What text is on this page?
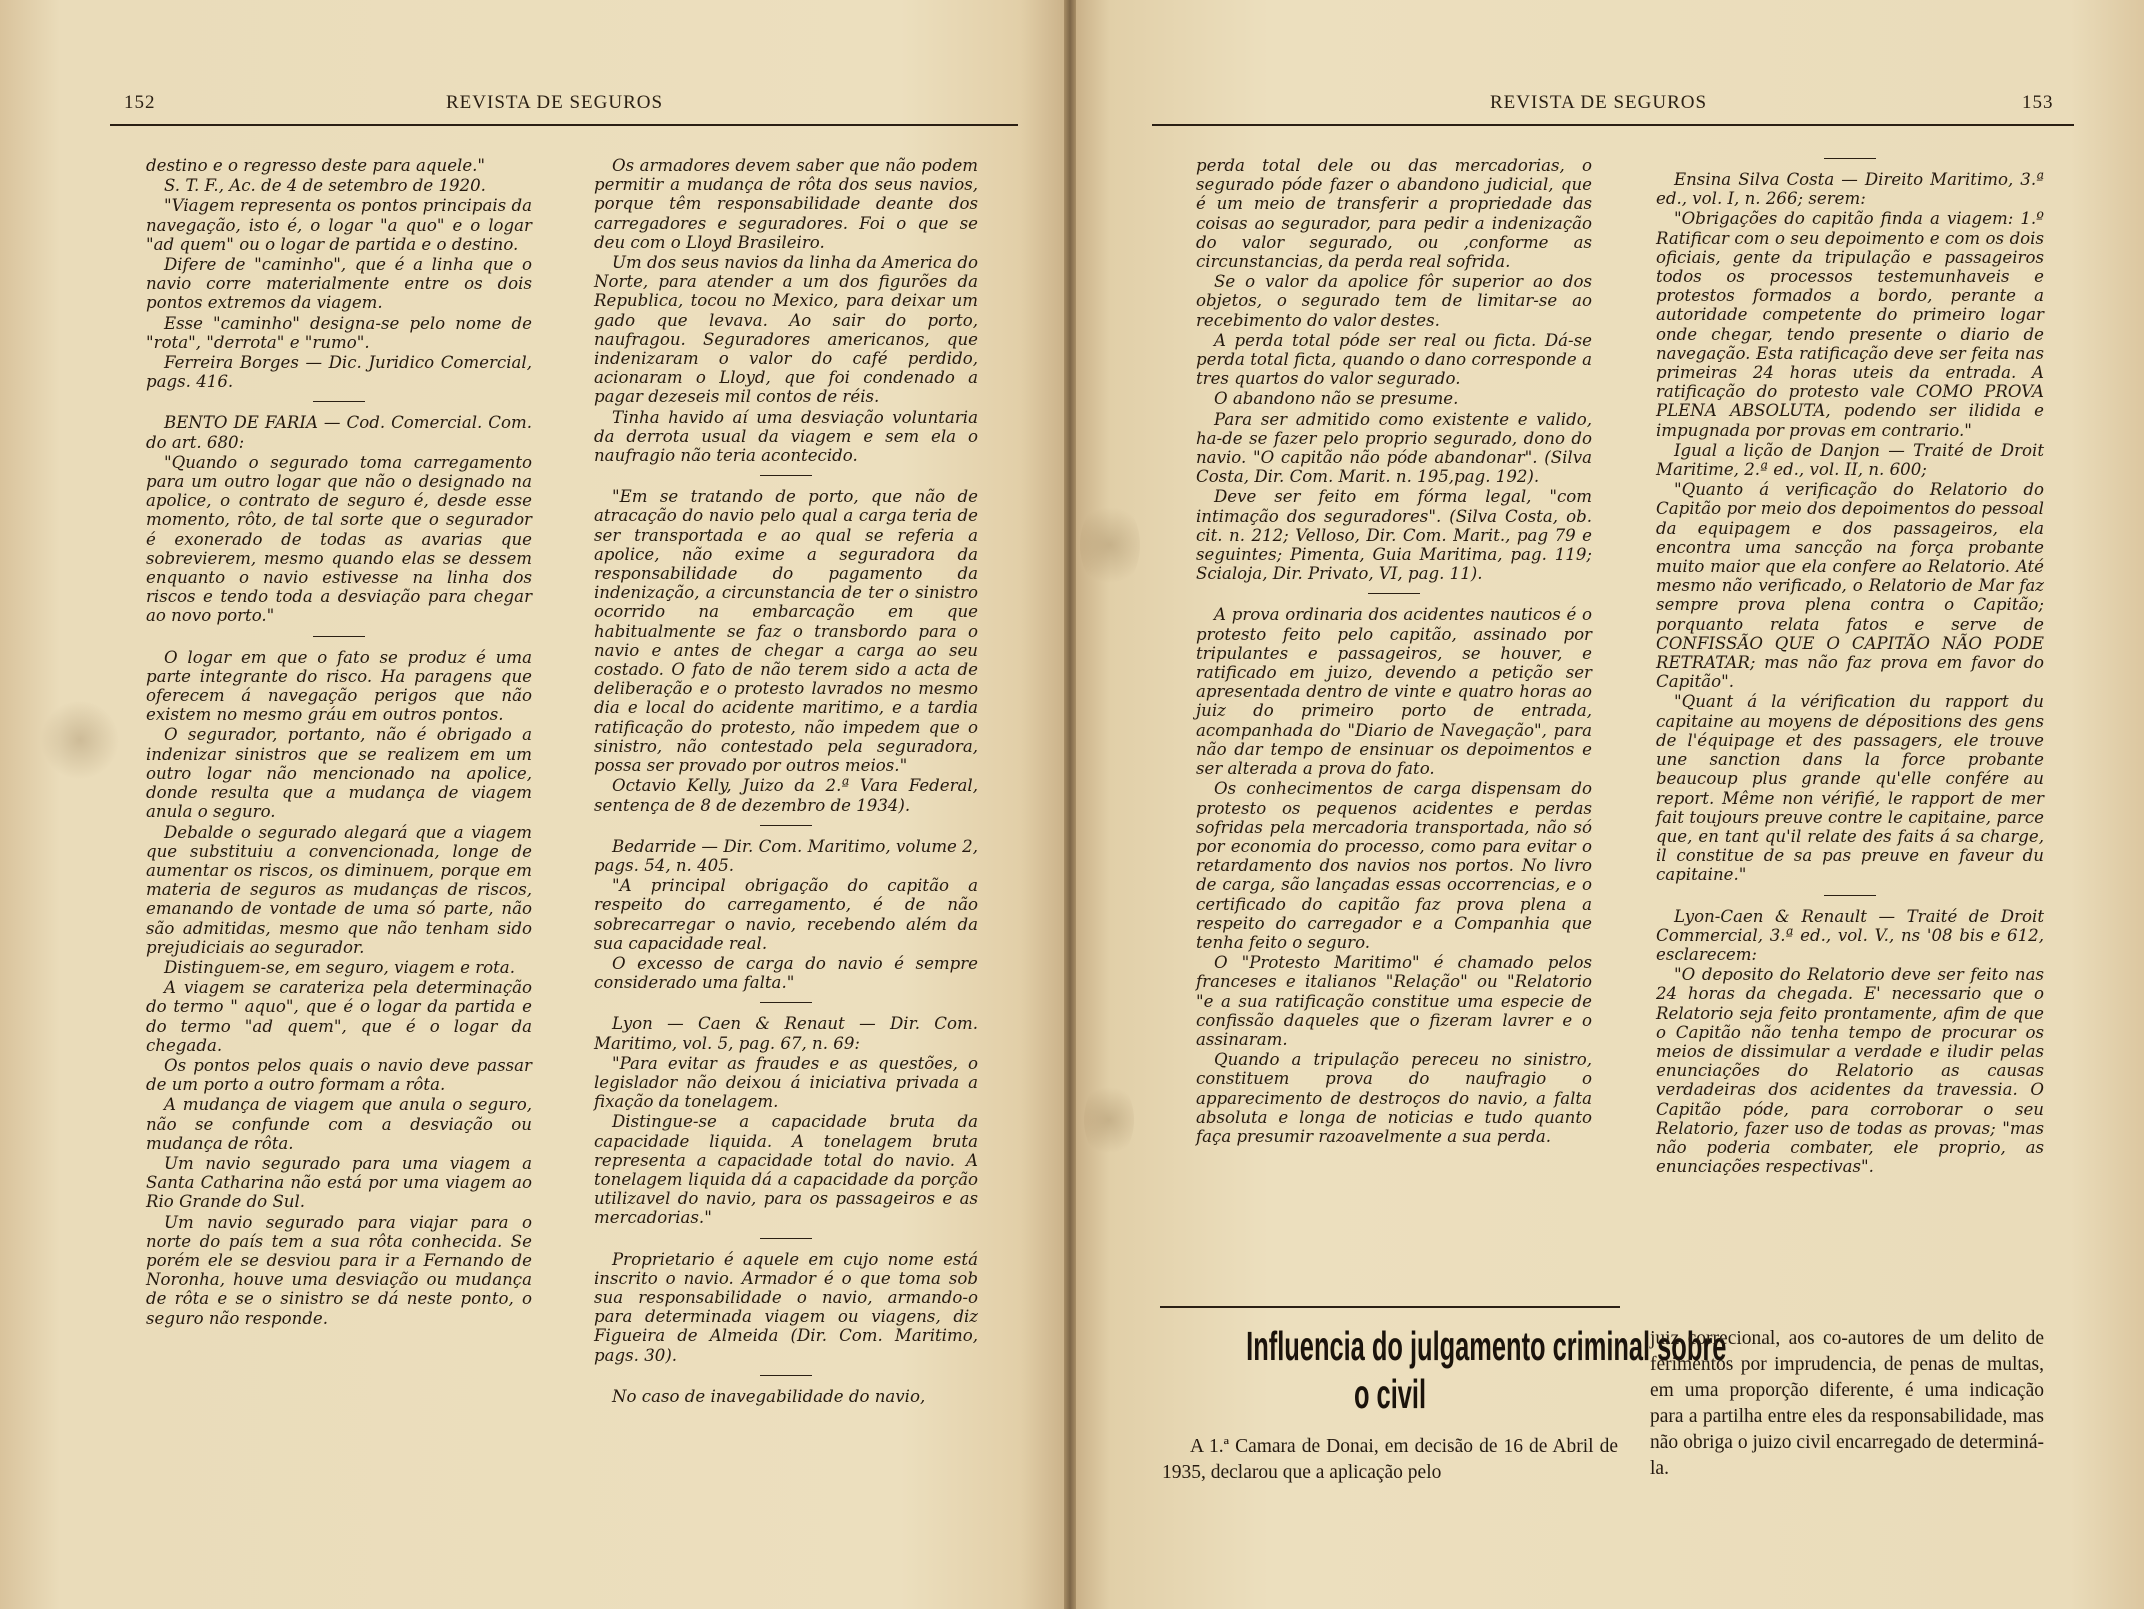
152	REVISTA DE SEGUROS	REVISTA DE SEGUROS	153

destino e o regresso deste para aquele."

S. T. F., Ac. de 4 de setembro de 1920.

"Viagem representa os pontos principais da navegação, isto é, o logar "a quo" e o logar "ad quem" ou o logar de partida e o destino.

Difere de "caminho", que é a linha que o navio corre materialmente entre os dois pontos extremos da viagem.

Esse "caminho" designa-se pelo nome de "rota", "derrota" e "rumo".

Ferreira Borges — Dic. Juridico Comercial, pags. 416.

BENTO DE FARIA — Cod. Comercial. Com. do art. 680:

"Quando o segurado toma carregamento para um outro logar que não o designado na apolice, o contrato de seguro é, desde esse momento, rôto, de tal sorte que o segurador é exonerado de todas as avarias que sobrevierem, mesmo quando elas se dessem enquanto o navio estivesse na linha dos riscos e tendo toda a desviação para chegar ao novo porto."

O logar em que o fato se produz é uma parte integrante do risco. Ha paragens que oferecem á navegação perigos que não existem no mesmo gráu em outros pontos.

O segurador, portanto, não é obrigado a indenizar sinistros que se realizem em um outro logar não mencionado na apolice, donde resulta que a mudança de viagem anula o seguro.

Debalde o segurado alegará que a viagem que substituiu a convencionada, longe de aumentar os riscos, os diminuem, porque em materia de seguros as mudanças de riscos, emanando de vontade de uma só parte, não são admitidas, mesmo que não tenham sido prejudiciais ao segurador.

Distinguem-se, em seguro, viagem e rota.

A viagem se carateriza pela determinação do termo " aquo", que é o logar da partida e do termo "ad quem", que é o logar da chegada.

Os pontos pelos quais o navio deve passar de um porto a outro formam a rôta.

A mudança de viagem que anula o seguro, não se confunde com a desviação ou mudança de rôta.

Um navio segurado para uma viagem a Santa Catharina não está por uma viagem ao Rio Grande do Sul.

Um navio segurado para viajar para o norte do país tem a sua rôta conhecida. Se porém ele se desviou para ir a Fernando de Noronha, houve uma desviação ou mudança de rôta e se o sinistro se dá neste ponto, o seguro não responde.

Os armadores devem saber que não podem permitir a mudança de rôta dos seus navios, porque têm responsabilidade deante dos carregadores e seguradores. Foi o que se deu com o Lloyd Brasileiro.

Um dos seus navios da linha da America do Norte, para atender a um dos figurões da Republica, tocou no Mexico, para deixar um gado que levava. Ao sair do porto, naufragou. Seguradores americanos, que indenizaram o valor do café perdido, acionaram o Lloyd, que foi condenado a pagar dezeseis mil contos de réis.

Tinha havido aí uma desviação voluntaria da derrota usual da viagem e sem ela o naufragio não teria acontecido.

"Em se tratando de porto, que não de atracação do navio pelo qual a carga teria de ser transportada e ao qual se referia a apolice, não exime a seguradora da responsabilidade do pagamento da indenização, a circunstancia de ter o sinistro ocorrido na embarcação em que habitualmente se faz o transbordo para o navio e antes de chegar a carga ao seu costado. O fato de não terem sido a acta de deliberação e o protesto lavrados no mesmo dia e local do acidente maritimo, e a tardia ratificação do protesto, não impedem que o sinistro, não contestado pela seguradora, possa ser provado por outros meios."

Octavio Kelly, Juizo da 2.ª Vara Federal, sentença de 8 de dezembro de 1934).

Bedarride — Dir. Com. Maritimo, volume 2, pags. 54, n. 405.

"A principal obrigação do capitão a respeito do carregamento, é de não sobrecarregar o navio, recebendo além da sua capacidade real.

O excesso de carga do navio é sempre considerado uma falta."

Lyon — Caen & Renaut — Dir. Com. Maritimo, vol. 5, pag. 67, n. 69:

"Para evitar as fraudes e as questões, o legislador não deixou á iniciativa privada a fixação da tonelagem.

Distingue-se a capacidade bruta da capacidade liquida. A tonelagem bruta representa a capacidade total do navio. A tonelagem liquida dá a capacidade da porção utilizavel do navio, para os passageiros e as mercadorias."

Proprietario é aquele em cujo nome está inscrito o navio. Armador é o que toma sob sua responsabilidade o navio, armando-o para determinada viagem ou viagens, diz Figueira de Almeida (Dir. Com. Maritimo, pags. 30).

No caso de inavegabilidade do navio,

perda total dele ou das mercadorias, o segurado póde fazer o abandono judicial, que é um meio de transferir a propriedade das coisas ao segurador, para pedir a indenização do valor segurado, ou ,conforme as circunstancias, da perda real sofrida.

Se o valor da apolice fôr superior ao dos objetos, o segurado tem de limitar-se ao recebimento do valor destes.

A perda total póde ser real ou ficta. Dá-se perda total ficta, quando o dano corresponde a tres quartos do valor segurado.

O abandono não se presume.

Para ser admitido como existente e valido, ha-de se fazer pelo proprio segurado, dono do navio. "O capitão não póde abandonar". (Silva Costa, Dir. Com. Marit. n. 195,pag. 192).

Deve ser feito em fórma legal, "com intimação dos seguradores". (Silva Costa, ob. cit. n. 212; Velloso, Dir. Com. Marit., pag 79 e seguintes; Pimenta, Guia Maritima, pag. 119; Scialoja, Dir. Privato, VI, pag. 11).

A prova ordinaria dos acidentes nauticos é o protesto feito pelo capitão, assinado por tripulantes e passageiros, se houver, e ratificado em juizo, devendo a petição ser apresentada dentro de vinte e quatro horas ao juiz do primeiro porto de entrada, acompanhada do "Diario de Navegação", para não dar tempo de ensinuar os depoimentos e ser alterada a prova do fato.

Os conhecimentos de carga dispensam do protesto os pequenos acidentes e perdas sofridas pela mercadoria transportada, não só por economia do processo, como para evitar o retardamento dos navios nos portos. No livro de carga, são lançadas essas occorrencias, e o certificado do capitão faz prova plena a respeito do carregador e a Companhia que tenha feito o seguro.

O "Protesto Maritimo" é chamado pelos franceses e italianos "Relação" ou "Relatorio "e a sua ratificação constitue uma especie de confissão daqueles que o fizeram lavrer e o assinaram.

Quando a tripulação pereceu no sinistro, constituem prova do naufragio o apparecimento de destroços do navio, a falta absoluta e longa de noticias e tudo quanto faça presumir razoavelmente a sua perda.

Ensina Silva Costa — Direito Maritimo, 3.ª ed., vol. I, n. 266; serem:

"Obrigações do capitão finda a viagem: 1.º Ratificar com o seu depoimento e com os dois oficiais, gente da tripulação e passageiros todos os processos testemunhaveis e protestos formados a bordo, perante a autoridade competente do primeiro logar onde chegar, tendo presente o diario de navegação. Esta ratificação deve ser feita nas primeiras 24 horas uteis da entrada. A ratificação do protesto vale COMO PROVA PLENA ABSOLUTA, podendo ser ilidida e impugnada por provas em contrario."

Igual a lição de Danjon — Traité de Droit Maritime, 2.ª ed., vol. II, n. 600;

"Quanto á verificação do Relatorio do Capitão por meio dos depoimentos do pessoal da equipagem e dos passageiros, ela encontra uma sancção na força probante muito maior que ela confere ao Relatorio. Até mesmo não verificado, o Relatorio de Mar faz sempre prova plena contra o Capitão; porquanto relata fatos e serve de CONFISSÃO QUE O CAPITÃO NÃO PODE RETRATAR; mas não faz prova em favor do Capitão".

"Quant á la vérification du rapport du capitaine au moyens de dépositions des gens de l'équipage et des passagers, ele trouve une sanction dans la force probante beaucoup plus grande qu'elle confére au report. Même non vérifié, le rapport de mer fait toujours preuve contre le capitaine, parce que, en tant qu'il relate des faits á sa charge, il constitue de sa pas preuve en faveur du capitaine."

Lyon-Caen & Renault — Traité de Droit Commercial, 3.ª ed., vol. V., ns '08 bis e 612, esclarecem:

"O deposito do Relatorio deve ser feito nas 24 horas da chegada. E' necessario que o Relatorio seja feito prontamente, afim de que o Capitão não tenha tempo de procurar os meios de dissimular a verdade e iludir pelas enunciações do Relatorio as causas verdadeiras dos acidentes da travessia. O Capitão póde, para corroborar o seu Relatorio, fazer uso de todas as provas; "mas não poderia combater, ele proprio, as enunciações respectivas".

Influencia do julgamento criminal sobre
o civil
A 1.ª Camara de Donai, em decisão de 16 de Abril de 1935, declarou que a aplicação pelo
juiz correcional, aos co-autores de um delito de ferimentos por imprudencia, de penas de multas, em uma proporção diferente, é uma indicação para a partilha entre eles da responsabilidade, mas não obriga o juizo civil encarregado de determiná-la.
